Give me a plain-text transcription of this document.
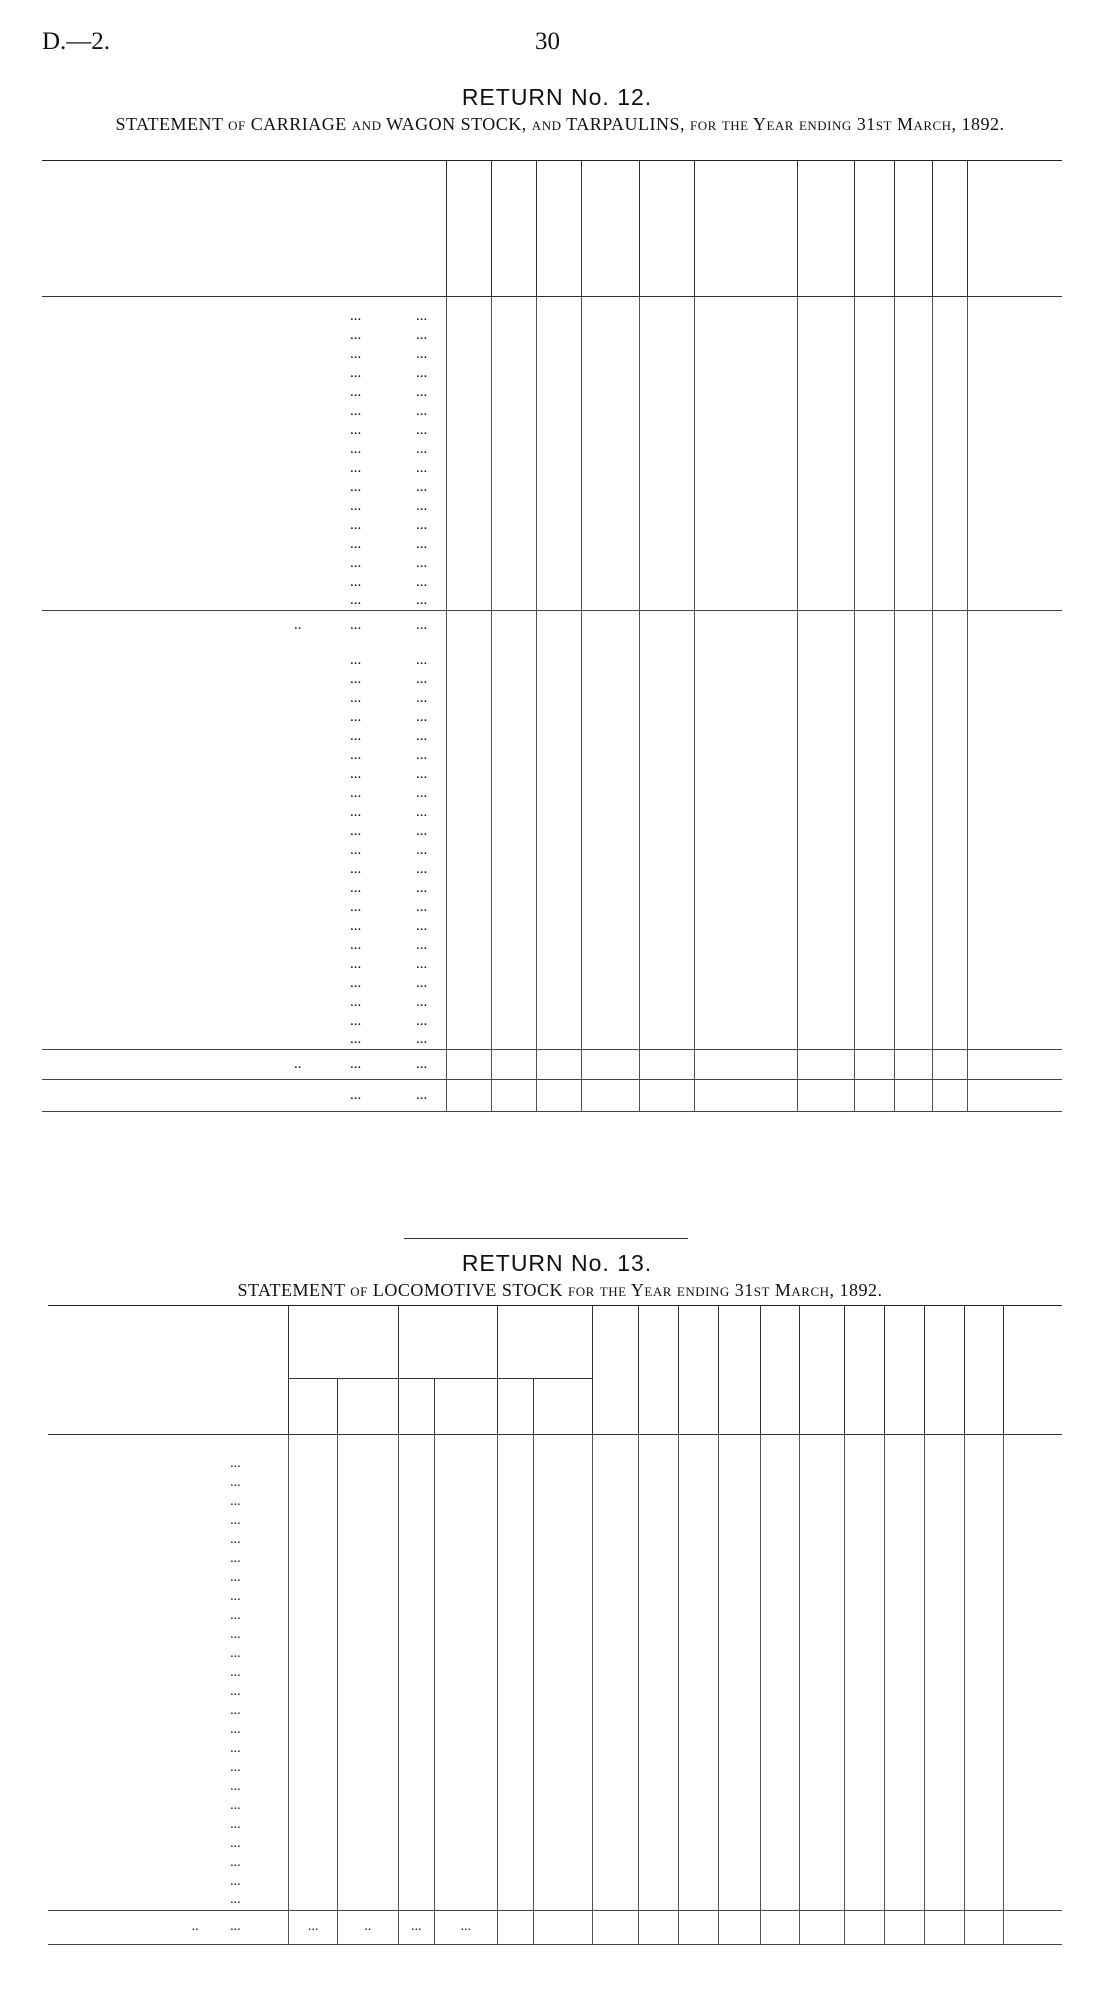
D.—2.	30
RETURN No. 12.
STATEMENT of CARRIAGE and WAGON STOCK, and TARPAULINS, for the Year ending 31st March, 1892.

		...	...											
		...	...											
		...	...											
		...	...											
		...	...											
		...	...											
		...	...											
		...	...											
		...	...											
		...	...											
		...	...											
		...	...											
		...	...											
		...	...											
		...	...											
		...	...											
	..	...	...											

		...	...											
		...	...											
		...	...											
		...	...											
		...	...											
		...	...											
		...	...											
		...	...											
		...	...											
		...	...											
		...	...											
		...	...											
		...	...											
		...	...											
		...	...											
		...	...											
		...	...											
		...	...											
		...	...											
		...	...											
		...	...											
	..	...	...											
		...	...											
RETURN No. 13.
STATEMENT of LOCOMOTIVE STOCK for the Year ending 31st March, 1892.

		...																	
		...																	
		...																	
		...																	
		...																	
		...																	
		...																	
		...																	
		...																	
		...																	
		...																	
		...																	
		...																	
		...																	
		...																	
		...																	
		...																	
		...																	
		...																	
		...																	
		...																	
		...																	
		...																	
		...																	
	..	...	...	..	...	...													
